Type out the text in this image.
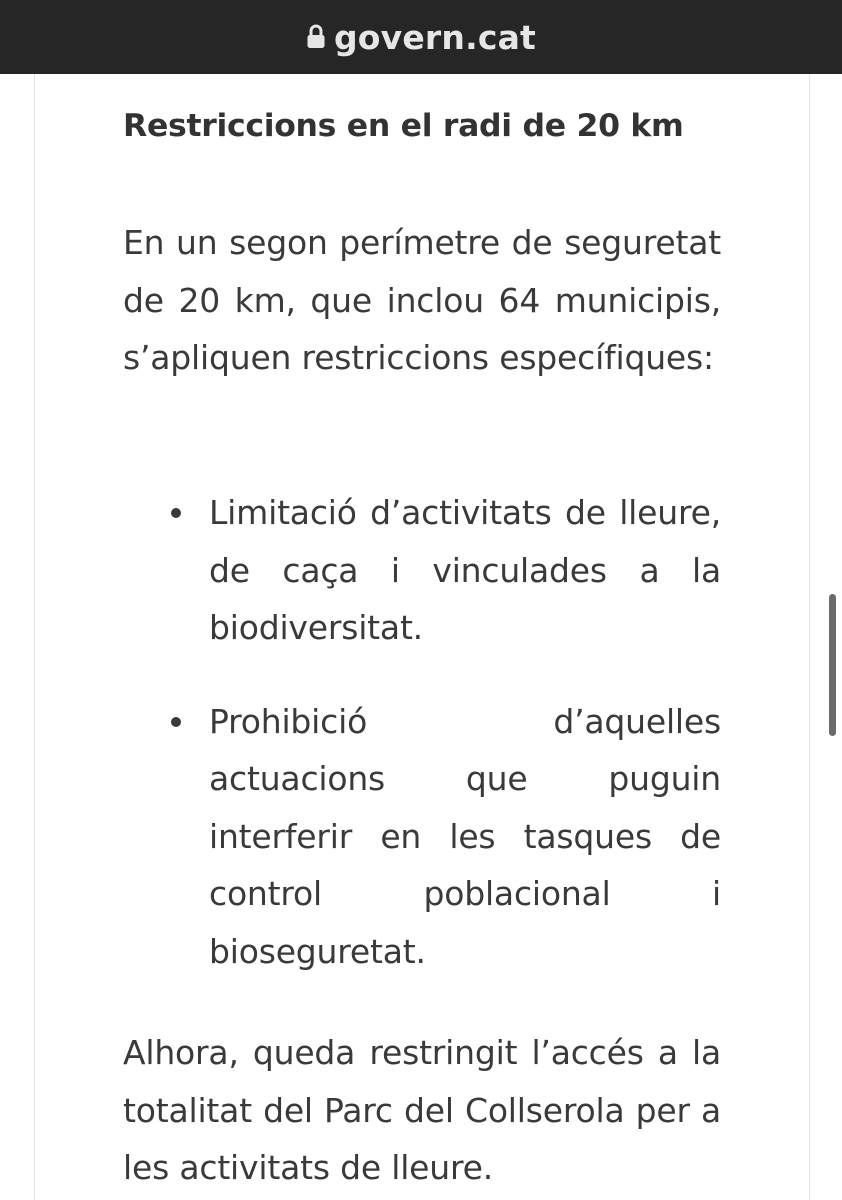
govern.cat
Restriccions en el radi de 20 km

En un segon perímetre de seguretat de 20 km, que inclou 64 municipis, s’apliquen restriccions específiques:

Limitació d’activitats de lleure, de caça i vinculades a la biodiversitat.
Prohibició d’aquelles actuacions que puguin interferir en les tasques de control poblacional i bioseguretat.

Alhora, queda restringit l’accés a la totalitat del Parc del Collserola per a les activitats de lleure.
